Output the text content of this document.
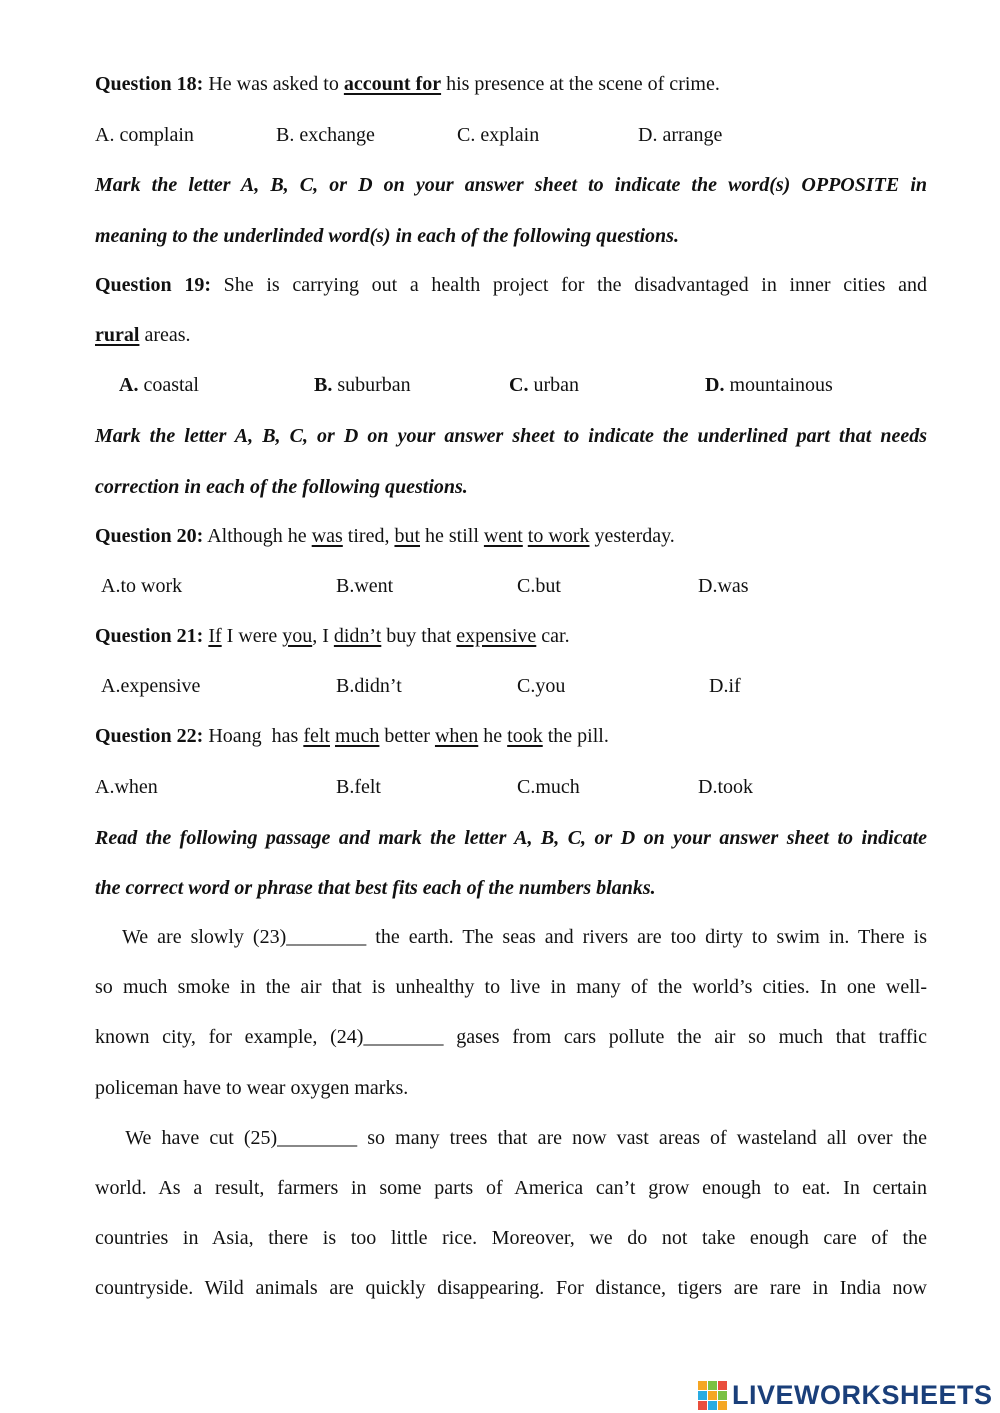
Question 18: He was asked to account for his presence at the scene of crime.
A. complain	B. exchange	C. explain	D. arrange
Mark the letter A, B, C, or D on your answer sheet to indicate the word(s) OPPOSITE in
meaning to the underlinded word(s) in each of the following questions.
Question 19: She is carrying out a health project for the disadvantaged in inner cities and
rural areas.
A. coastal	B. suburban	C. urban	D. mountainous
Mark the letter A, B, C, or D on your answer sheet to indicate the underlined part that needs
correction in each of the following questions.
Question 20: Although he was tired, but he still went to work yesterday.
A.to work	B.went	C.but	D.was
Question 21: If I were you, I didn’t buy that expensive car.
A.expensive	B.didn’t	C.you	D.if
Question 22: Hoang  has felt much better when he took the pill.
A.when	B.felt	C.much	D.took
Read the following passage and mark the letter A, B, C, or D on your answer sheet to indicate
the correct word or phrase that best fits each of the numbers blanks.
We are slowly (23)________ the earth. The seas and rivers are too dirty to swim in. There is
so much smoke in the air that is unhealthy to live in many of the world’s cities. In one well-
known city, for example, (24)________ gases from cars pollute the air so much that traffic
policeman have to wear oxygen marks.
We have cut (25)________ so many trees that are now vast areas of wasteland all over the
world. As a result, farmers in some parts of America can’t grow enough to eat. In certain
countries in Asia, there is too little rice. Moreover, we do not take enough care of the
countryside. Wild animals are quickly disappearing. For distance, tigers are rare in India now
LIVEWORKSHEETS
